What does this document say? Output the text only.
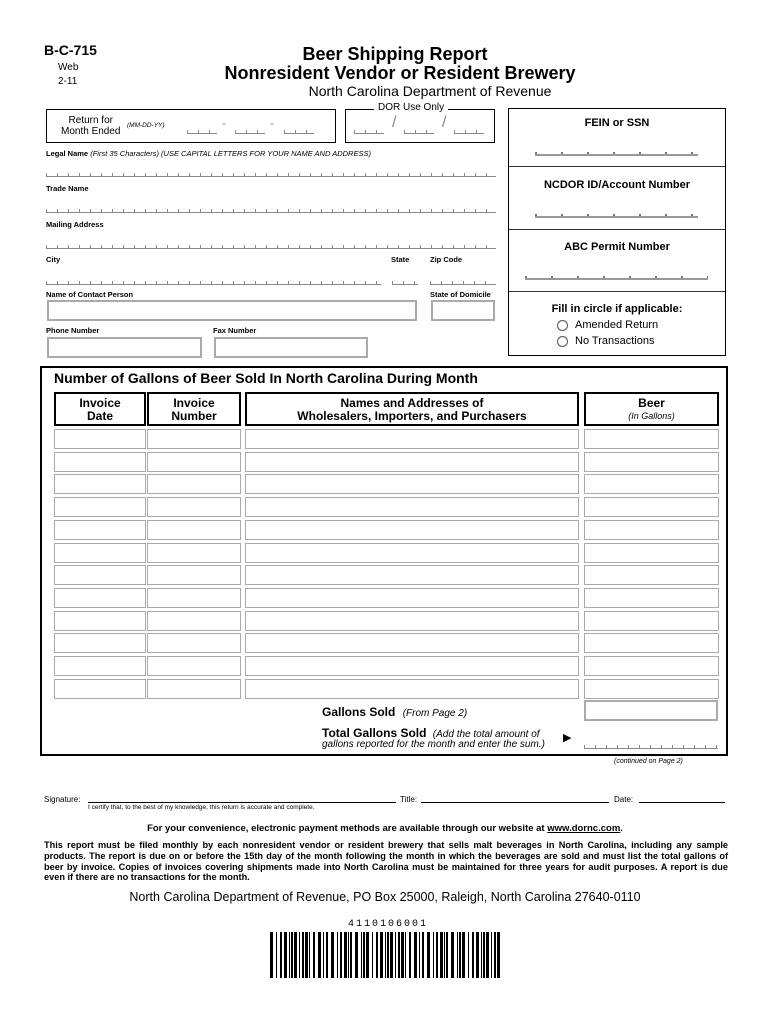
B-C-715
Web
2-11
Beer Shipping Report
Nonresident Vendor or Resident Brewery
North Carolina Department of Revenue
Return for
Month Ended
(MM-DD-YY)	-	-
DOR Use Only
/	/
Legal Name (First 35 Characters) (USE CAPITAL LETTERS FOR YOUR NAME AND ADDRESS)
Trade Name
Mailing Address
City	State	Zip Code
Name of Contact Person	State of Domicile
Phone Number	Fax Number
FEIN or SSN
NCDOR ID/Account Number
ABC Permit Number
Fill in circle if applicable:
Amended Return
No Transactions
Number of Gallons of Beer Sold In North Carolina During Month
Invoice
Date
Invoice
Number
Names and Addresses of
Wholesalers, Importers, and Purchasers
Beer
(In Gallons)
Gallons Sold (From Page 2)
Total Gallons Sold (Add the total amount of
gallons reported for the month and enter the sum.)
▶
(continued on Page 2)
Signature:
I certify that, to the best of my knowledge, this return is accurate and complete.
Title:	Date:
For your convenience, electronic payment methods are available through our website at www.dornc.com.
This report must be filed monthly by each nonresident vendor or resident brewery that sells malt beverages in North Carolina, including any sample products. The report is due on or before the 15th day of the month following the month in which the beverages are sold and must list the total gallons of beer by invoice. Copies of invoices covering shipments made into North Carolina must be maintained for three years for audit purposes. A report is due even if there are no transactions for the month.
North Carolina Department of Revenue, PO Box 25000, Raleigh, North Carolina 27640-0110
4110106001
